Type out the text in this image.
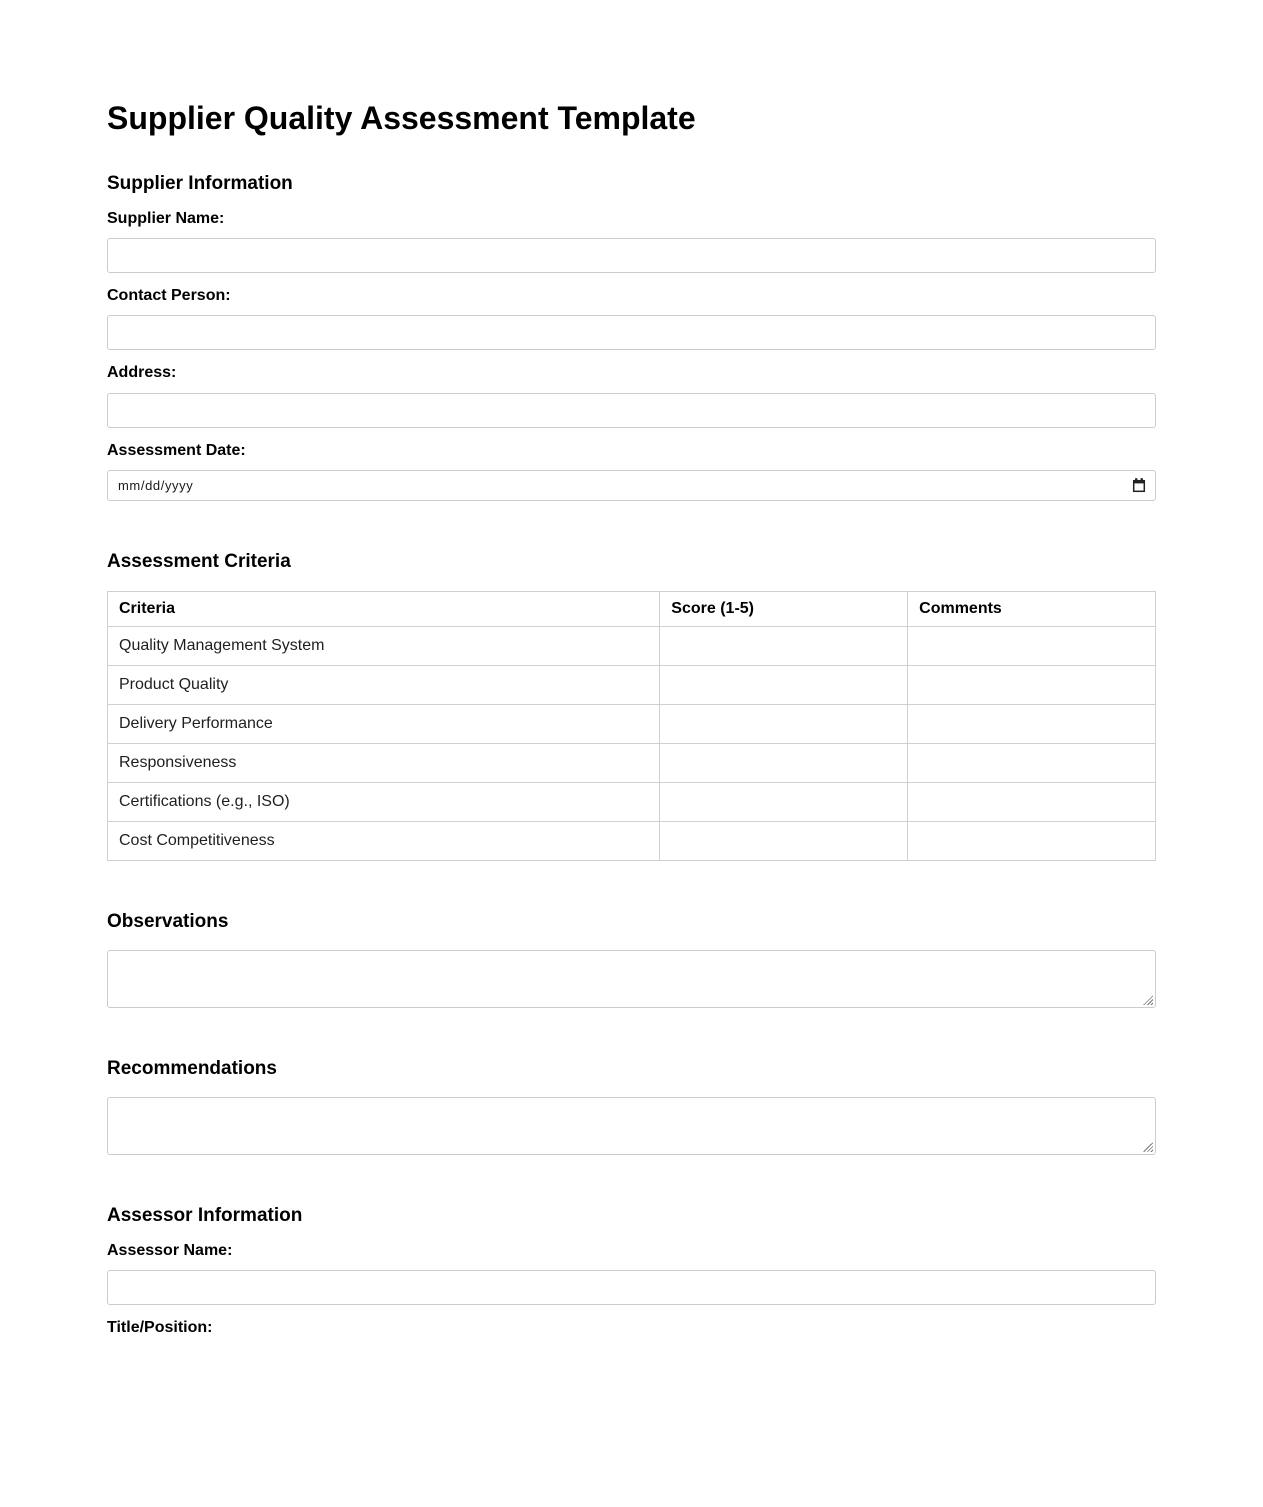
Supplier Quality Assessment Template
Supplier Information
Supplier Name:
Contact Person:
Address:
Assessment Date:
mm/dd/yyyy
Assessment Criteria
Criteria	Score (1-5)	Comments
Quality Management System		
Product Quality		
Delivery Performance		
Responsiveness		
Certifications (e.g., ISO)		
Cost Competitiveness		
Observations
Recommendations
Assessor Information
Assessor Name:
Title/Position:
